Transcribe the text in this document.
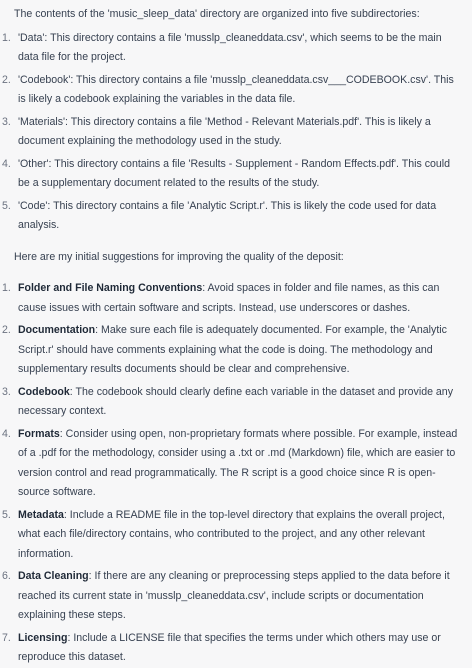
The contents of the 'music_sleep_data' directory are organized into five subdirectories:

1. 'Data': This directory contains a file 'musslp_cleaneddata.csv', which seems to be the main data file for the project.
2. 'Codebook': This directory contains a file 'musslp_cleaneddata.csv___CODEBOOK.csv'. This is likely a codebook explaining the variables in the data file.
3. 'Materials': This directory contains a file 'Method - Relevant Materials.pdf'. This is likely a document explaining the methodology used in the study.
4. 'Other': This directory contains a file 'Results - Supplement - Random Effects.pdf'. This could be a supplementary document related to the results of the study.
5. 'Code': This directory contains a file 'Analytic Script.r'. This is likely the code used for data analysis.

Here are my initial suggestions for improving the quality of the deposit:

1. Folder and File Naming Conventions: Avoid spaces in folder and file names, as this can cause issues with certain software and scripts. Instead, use underscores or dashes.
2. Documentation: Make sure each file is adequately documented. For example, the 'Analytic Script.r' should have comments explaining what the code is doing. The methodology and supplementary results documents should be clear and comprehensive.
3. Codebook: The codebook should clearly define each variable in the dataset and provide any necessary context.
4. Formats: Consider using open, non-proprietary formats where possible. For example, instead of a .pdf for the methodology, consider using a .txt or .md (Markdown) file, which are easier to version control and read programmatically. The R script is a good choice since R is open-source software.
5. Metadata: Include a README file in the top-level directory that explains the overall project, what each file/directory contains, who contributed to the project, and any other relevant information.
6. Data Cleaning: If there are any cleaning or preprocessing steps applied to the data before it reached its current state in 'musslp_cleaneddata.csv', include scripts or documentation explaining these steps.
7. Licensing: Include a LICENSE file that specifies the terms under which others may use or reproduce this dataset.
